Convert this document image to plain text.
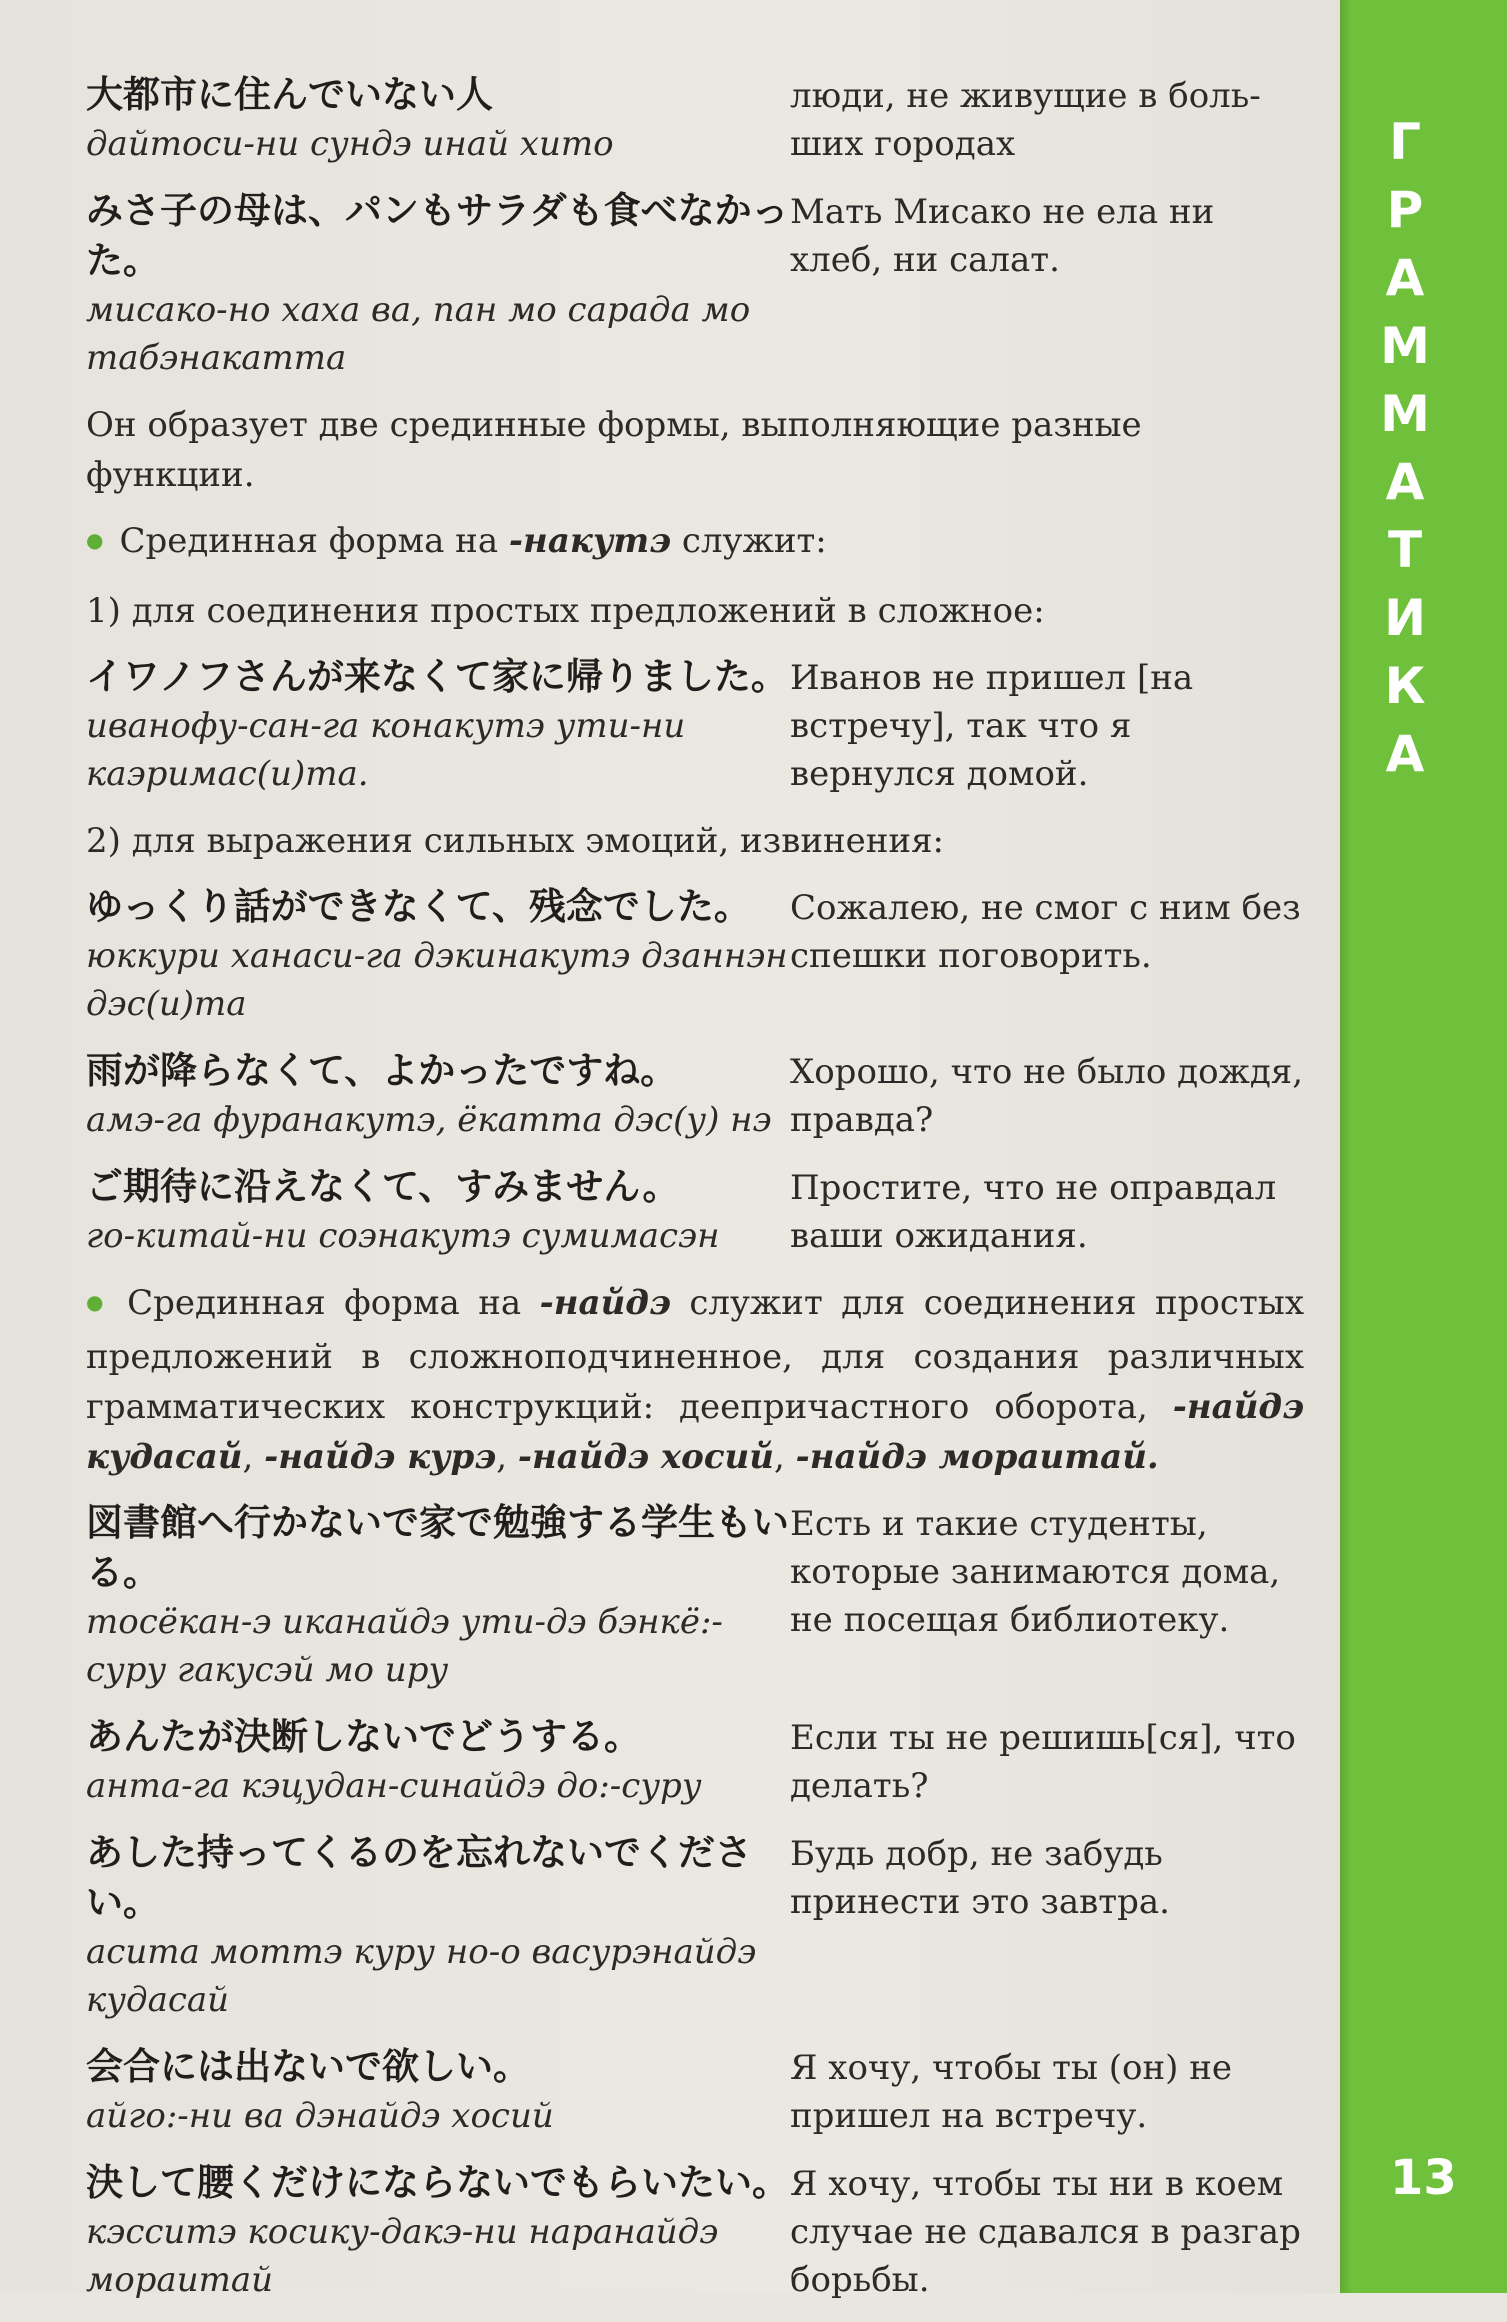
Г
Р
А
М
М
А
Т
И
К
А
13
大都市に住んでいない人
дайтоси-ни сундэ инай хито
люди, не живущие в боль-ших городах
みさ子の母は、パンもサラダも食べなかった。
мисако-но хаха ва, пан мо сарада мо табэнакатта
Мать Мисако не ела ни хлеб, ни салат.
Он образует две срединные формы, выполняющие разные функции.
● Срединная форма на -накутэ служит:
1) для соединения простых предложений в сложное:
イワノフさんが来なくて家に帰りました。
иванофу-сан-га конакутэ ути-ни каэримас(и)та.
Иванов не пришел [на встречу], так что я вернулся домой.
2) для выражения сильных эмоций, извинения:
ゆっくり話ができなくて、残念でした。
юккури ханаси-га дэкинакутэ дзаннэн дэс(и)та
Сожалею, не смог с ним без спешки поговорить.
雨が降らなくて、よかったですね。
амэ-га фуранакутэ, ёкатта дэс(у) нэ
Хорошо, что не было дождя, правда?
ご期待に沿えなくて、すみません。
го-китай-ни соэнакутэ сумимасэн
Простите, что не оправдал ваши ожидания.
● Срединная форма на -найдэ служит для соединения простых предложений в сложноподчиненное, для создания различных грамматических конструкций: деепричастного оборота, -найдэ кудасай, -найдэ курэ, -найдэ хосий, -найдэ мораитай.
図書館へ行かないで家で勉強する学生もいる。
тосёкан-э иканайдэ ути-дэ бэнкё:-суру гакусэй мо иру
Есть и такие студенты, которые занимаются дома, не посещая библиотеку.
あんたが決断しないでどうする。
анта-га кэцудан-синайдэ до:-суру
Если ты не решишь[ся], что делать?
あした持ってくるのを忘れないでください。
асита моттэ куру но-о васурэнайдэ кудасай
Будь добр, не забудь принести это завтра.
会合には出ないで欲しい。
айго:-ни ва дэнайдэ хосий
Я хочу, чтобы ты (он) не пришел на встречу.
決して腰くだけにならないでもらいたい。
кэсситэ косику-дакэ-ни наранайдэ мораитай
Я хочу, чтобы ты ни в коем случае не сдавался в разгар борьбы.
